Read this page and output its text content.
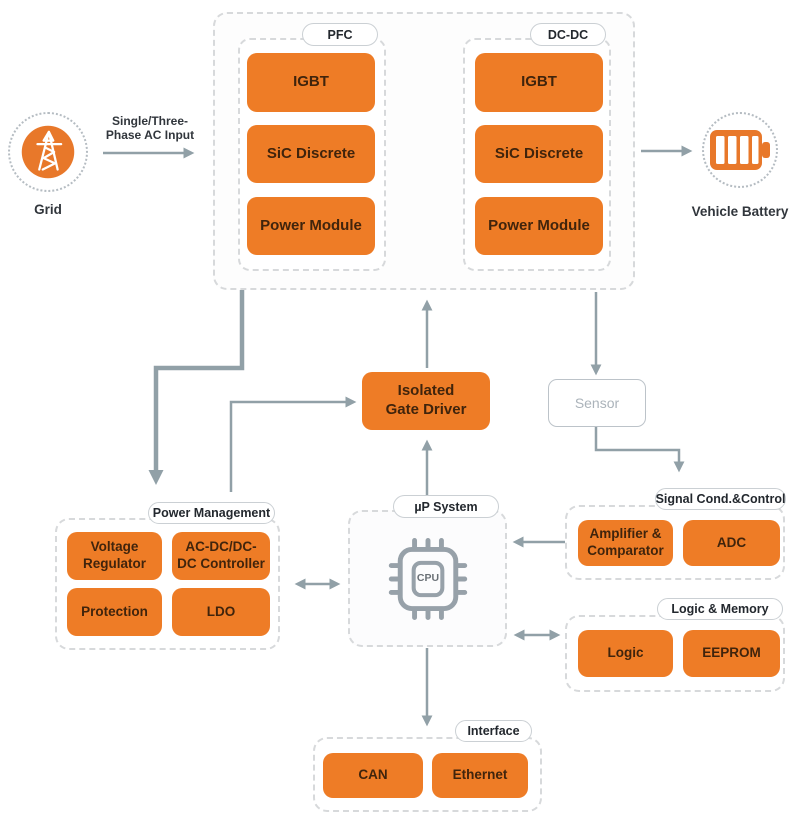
PFC
IGBT
SiC Discrete
Power Module
DC-DC
IGBT
SiC Discrete
Power Module
Grid
Single/Three-
Phase AC Input
Vehicle Battery
Isolated
Gate Driver	Sensor
Power Management
Voltage Regulator
AC-DC/DC-DC Controller
Protection	LDO
µP System
CPU
Signal Cond.&Control
Amplifier & Comparator
ADC
Logic & Memory
Logic	EEPROM
Interface
CAN	Ethernet
